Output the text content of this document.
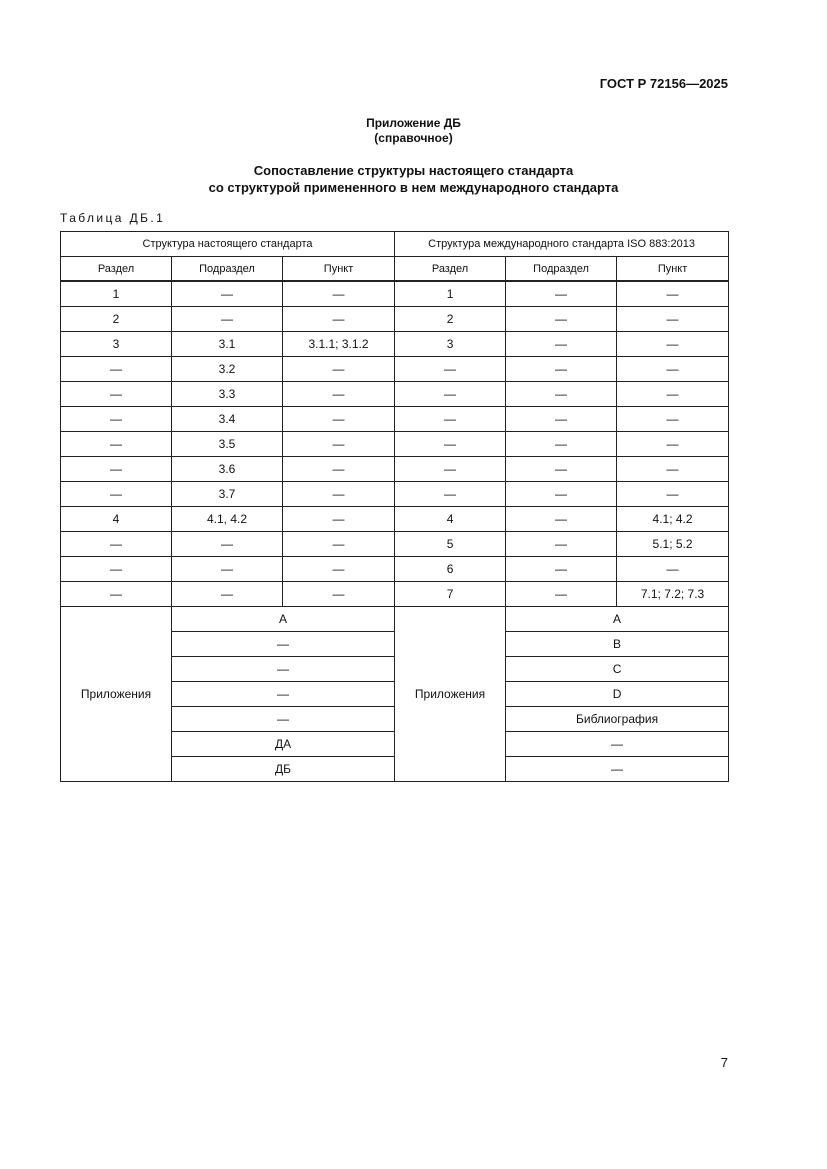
ГОСТ Р 72156—2025
Приложение ДБ
(справочное)
Сопоставление структуры настоящего стандарта
со структурой примененного в нем международного стандарта
Таблица ДБ.1
Структура настоящего стандарта			Структура международного стандарта ISO 883:2013		
Раздел	Подраздел	Пункт	Раздел	Подраздел	Пункт

1	—	—	1	—	—
2	—	—	2	—	—
3	3.1	3.1.1; 3.1.2	3	—	—
—	3.2	—	—	—	—
—	3.3	—	—	—	—
—	3.4	—	—	—	—
—	3.5	—	—	—	—
—	3.6	—	—	—	—
—	3.7	—	—	—	—
4	4.1, 4.2	—	4	—	4.1; 4.2
—	—	—	5	—	5.1; 5.2
—	—	—	6	—	—
—	—	—	7	—	7.1; 7.2; 7.3
Приложения	А		Приложения	А	
	—			В	
	—			С	
	—			D	
	—			Библиография	
	ДА			—	
	ДБ			—	
7
